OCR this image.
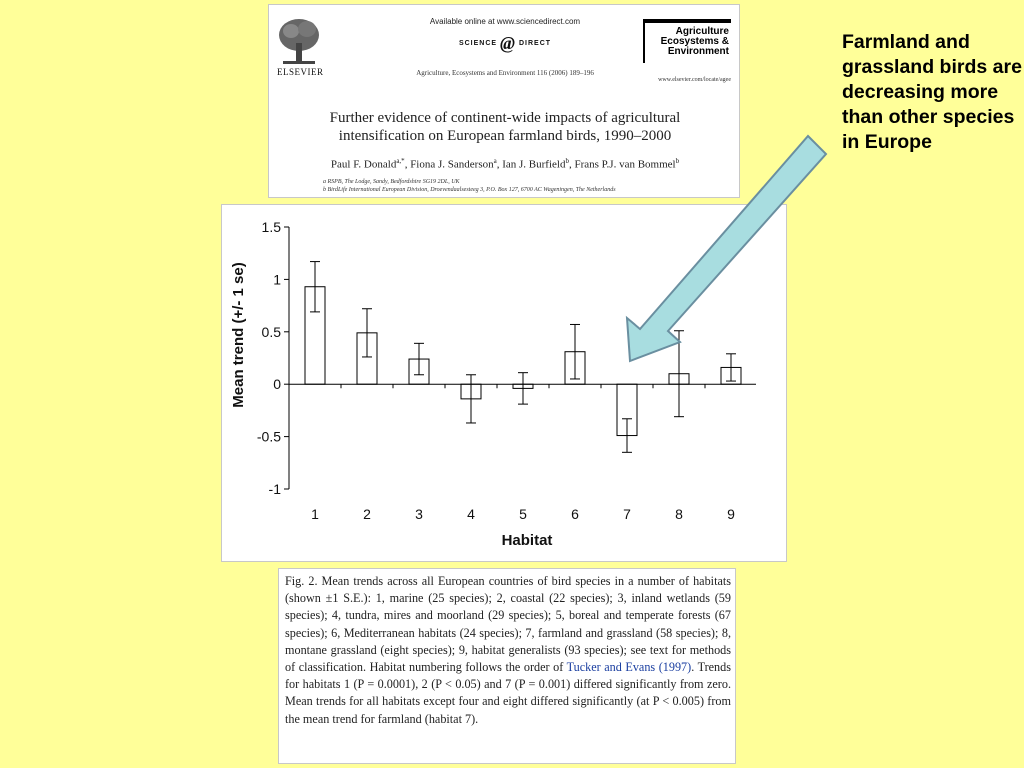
ELSEVIER
Available online at www.sciencedirect.com
SCIENCE @ DIRECT
Agriculture, Ecosystems and Environment 116 (2006) 189–196
Agriculture
Ecosystems &
Environment
www.elsevier.com/locate/agee
Further evidence of continent-wide impacts of agricultural
intensification on European farmland birds, 1990–2000
Paul F. Donald$^{a,*}$, Fiona J. Sanderson$^a$, Ian J. Burfield$^b$, Frans P.J. van Bommel$^b$
a RSPB, The Lodge, Sandy, Bedfordshire SG19 2DL, UK
b BirdLife International European Division, Droevendaalsesteeg 3, P.O. Box 127, 6700 AC Wageningen, The Netherlands
1.5
1
0.5
0
-0.5
-1
1	2	3	4	5	6	7	8	9
Habitat
Mean trend (+/- 1 se)
Fig. 2. Mean trends across all European countries of bird species in a number of habitats (shown ±1 S.E.): 1, marine (25 species); 2, coastal (22 species); 3, inland wetlands (59 species); 4, tundra, mires and moorland (29 species); 5, boreal and temperate forests (67 species); 6, Mediterranean habitats (24 species); 7, farmland and grassland (58 species); 8, montane grassland (eight species); 9, habitat generalists (93 species); see text for methods of classification. Habitat numbering follows the order of Tucker and Evans (1997). Trends for habitats 1 (P = 0.0001), 2 (P < 0.05) and 7 (P = 0.001) differed significantly from zero. Mean trends for all habitats except four and eight differed significantly (at P < 0.005) from the mean trend for farmland (habitat 7).
Farmland and grassland birds are decreasing more than other species in Europe
